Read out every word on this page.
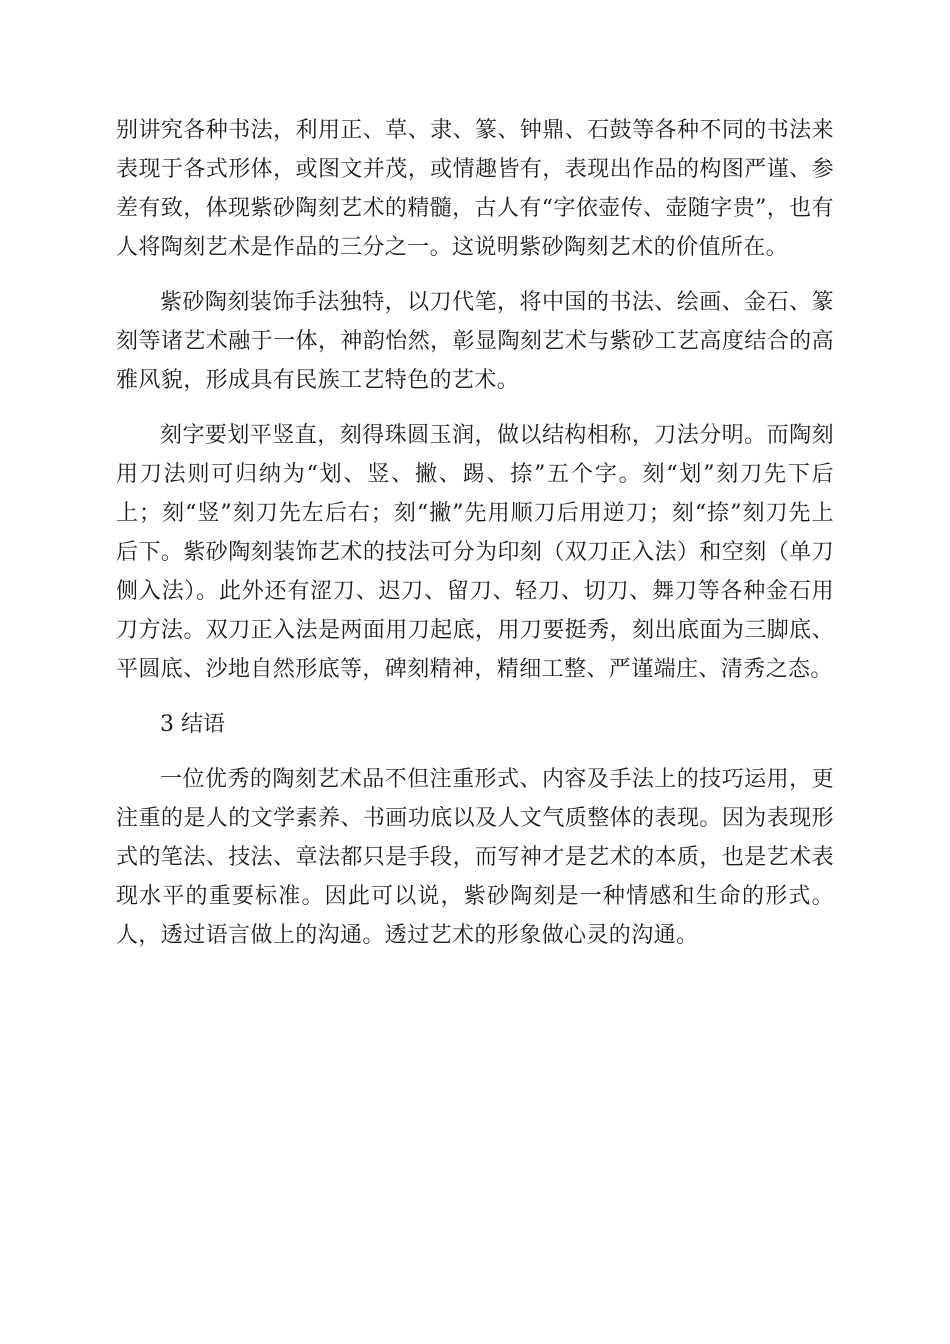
别讲究各种书法，利用正、草、隶、篆、钟鼎、石鼓等各种不同的书法来表现于各式形体，或图文并茂，或情趣皆有，表现出作品的构图严谨、参差有致，体现紫砂陶刻艺术的精髓，古人有“字依壶传、壶随字贵”，也有人将陶刻艺术是作品的三分之一。这说明紫砂陶刻艺术的价值所在。

紫砂陶刻装饰手法独特，以刀代笔，将中国的书法、绘画、金石、篆刻等诸艺术融于一体，神韵怡然，彰显陶刻艺术与紫砂工艺高度结合的高雅风貌，形成具有民族工艺特色的艺术。

刻字要划平竖直，刻得珠圆玉润，做以结构相称，刀法分明。而陶刻用刀法则可归纳为“划、竖、撇、踢、捺”五个字。刻“划”刻刀先下后上；刻“竖”刻刀先左后右；刻“撇”先用顺刀后用逆刀；刻“捺”刻刀先上后下。紫砂陶刻装饰艺术的技法可分为印刻（双刀正入法）和空刻（单刀侧入法）。此外还有涩刀、迟刀、留刀、轻刀、切刀、舞刀等各种金石用刀方法。双刀正入法是两面用刀起底，用刀要挺秀，刻出底面为三脚底、平圆底、沙地自然形底等，碑刻精神，精细工整、严谨端庄、清秀之态。

3 结语

一位优秀的陶刻艺术品不但注重形式、内容及手法上的技巧运用，更注重的是人的文学素养、书画功底以及人文气质整体的表现。因为表现形式的笔法、技法、章法都只是手段，而写神才是艺术的本质，也是艺术表现水平的重要标准。因此可以说，紫砂陶刻是一种情感和生命的形式。人，透过语言做上的沟通。透过艺术的形象做心灵的沟通。
